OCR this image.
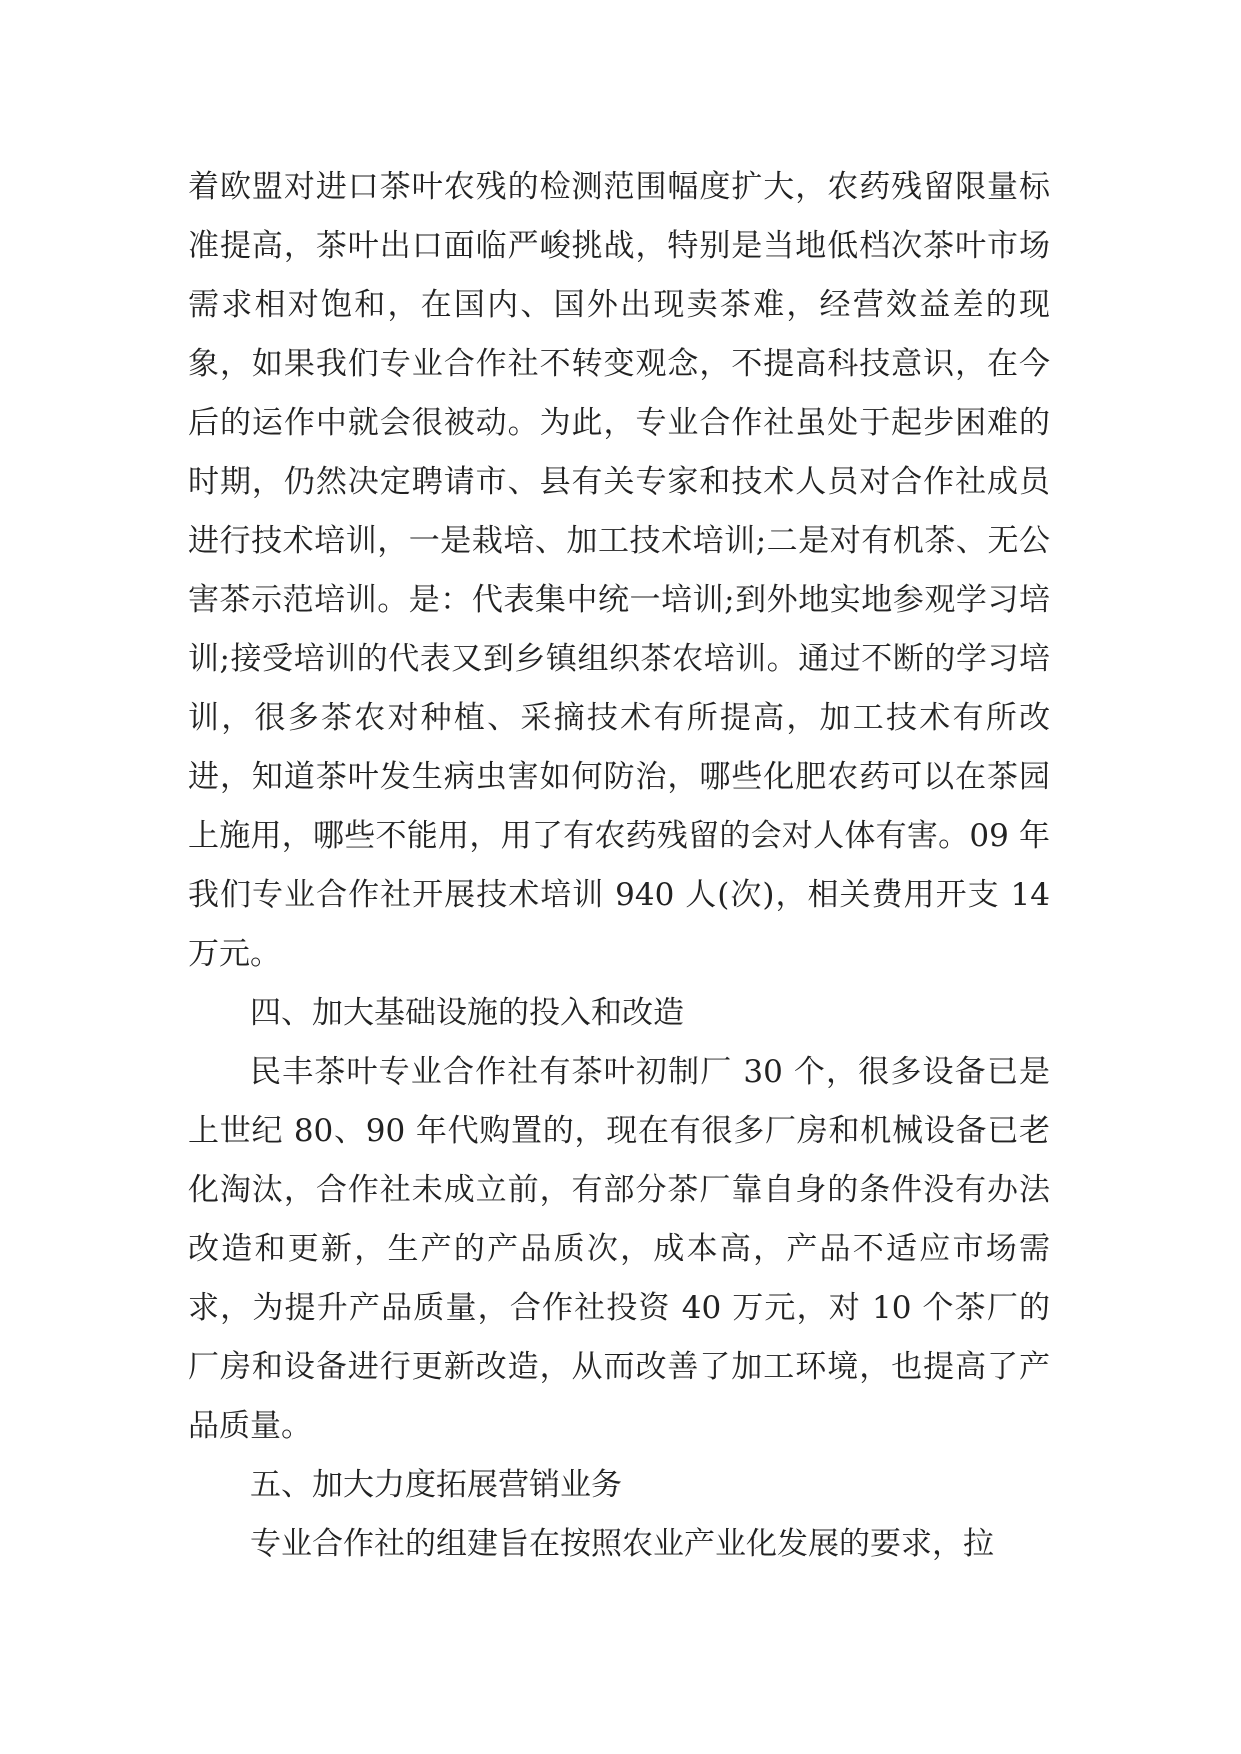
着欧盟对进口茶叶农残的检测范围幅度扩大，农药残留限量标准提高，茶叶出口面临严峻挑战，特别是当地低档次茶叶市场需求相对饱和，在国内、国外出现卖茶难，经营效益差的现象，如果我们专业合作社不转变观念，不提高科技意识，在今后的运作中就会很被动。为此，专业合作社虽处于起步困难的时期，仍然决定聘请市、县有关专家和技术人员对合作社成员进行技术培训，一是栽培、加工技术培训;二是对有机茶、无公害茶示范培训。是：代表集中统一培训;到外地实地参观学习培训;接受培训的代表又到乡镇组织茶农培训。通过不断的学习培训，很多茶农对种植、采摘技术有所提高，加工技术有所改进，知道茶叶发生病虫害如何防治，哪些化肥农药可以在茶园上施用，哪些不能用，用了有农药残留的会对人体有害。09 年我们专业合作社开展技术培训 940 人(次)，相关费用开支 14 万元。

四、加大基础设施的投入和改造

民丰茶叶专业合作社有茶叶初制厂 30 个，很多设备已是上世纪 80、90 年代购置的，现在有很多厂房和机械设备已老化淘汰，合作社未成立前，有部分茶厂靠自身的条件没有办法改造和更新，生产的产品质次，成本高，产品不适应市场需求，为提升产品质量，合作社投资 40 万元，对 10 个茶厂的厂房和设备进行更新改造，从而改善了加工环境，也提高了产品质量。

五、加大力度拓展营销业务

专业合作社的组建旨在按照农业产业化发展的要求，拉
